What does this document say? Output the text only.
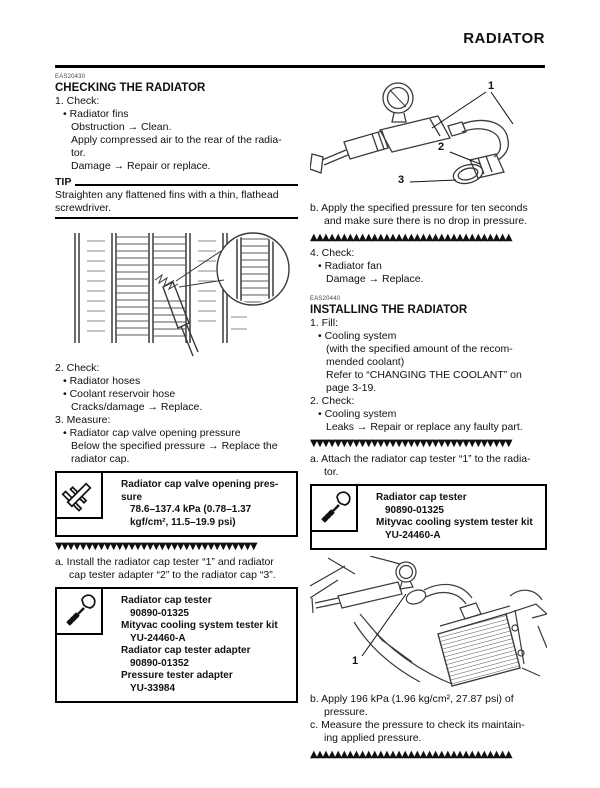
RADIATOR
EAS20430
CHECKING THE RADIATOR
1. Check:
• Radiator fins
Obstruction → Clean.
Apply compressed air to the rear of the radia-
tor.
Damage → Repair or replace.
TIP
Straighten any flattened fins with a thin, flathead
screwdriver.
2. Check:
• Radiator hoses
• Coolant reservoir hose
Cracks/damage → Replace.
3. Measure:
• Radiator cap valve opening pressure
Below the specified pressure → Replace the
radiator cap.
Radiator cap valve opening pres-
sure
78.6–137.4 kPa (0.78–1.37
kgf/cm², 11.5–19.9 psi)
▼▼▼▼▼▼▼▼▼▼▼▼▼▼▼▼▼▼▼▼▼▼▼▼▼▼▼▼▼▼▼▼▼
a. Install the radiator cap tester “1” and radiator
cap tester adapter “2” to the radiator cap “3”.
Radiator cap tester
90890-01325
Mityvac cooling system tester kit
YU-24460-A
Radiator cap tester adapter
90890-01352
Pressure tester adapter
YU-33984
1
2
3
b. Apply the specified pressure for ten seconds
and make sure there is no drop in pressure.
▲▲▲▲▲▲▲▲▲▲▲▲▲▲▲▲▲▲▲▲▲▲▲▲▲▲▲▲▲▲▲▲▲
4. Check:
• Radiator fan
Damage → Replace.
EAS20440
INSTALLING THE RADIATOR
1. Fill:
• Cooling system
(with the specified amount of the recom-
mended coolant)
Refer to “CHANGING THE COOLANT” on
page 3-19.
2. Check:
• Cooling system
Leaks → Repair or replace any faulty part.
▼▼▼▼▼▼▼▼▼▼▼▼▼▼▼▼▼▼▼▼▼▼▼▼▼▼▼▼▼▼▼▼▼
a. Attach the radiator cap tester “1” to the radia-
tor.
Radiator cap tester
90890-01325
Mityvac cooling system tester kit
YU-24460-A
1
b. Apply 196 kPa (1.96 kg/cm², 27.87 psi) of
pressure.
c. Measure the pressure to check its maintain-
ing applied pressure.
▲▲▲▲▲▲▲▲▲▲▲▲▲▲▲▲▲▲▲▲▲▲▲▲▲▲▲▲▲▲▲▲▲
